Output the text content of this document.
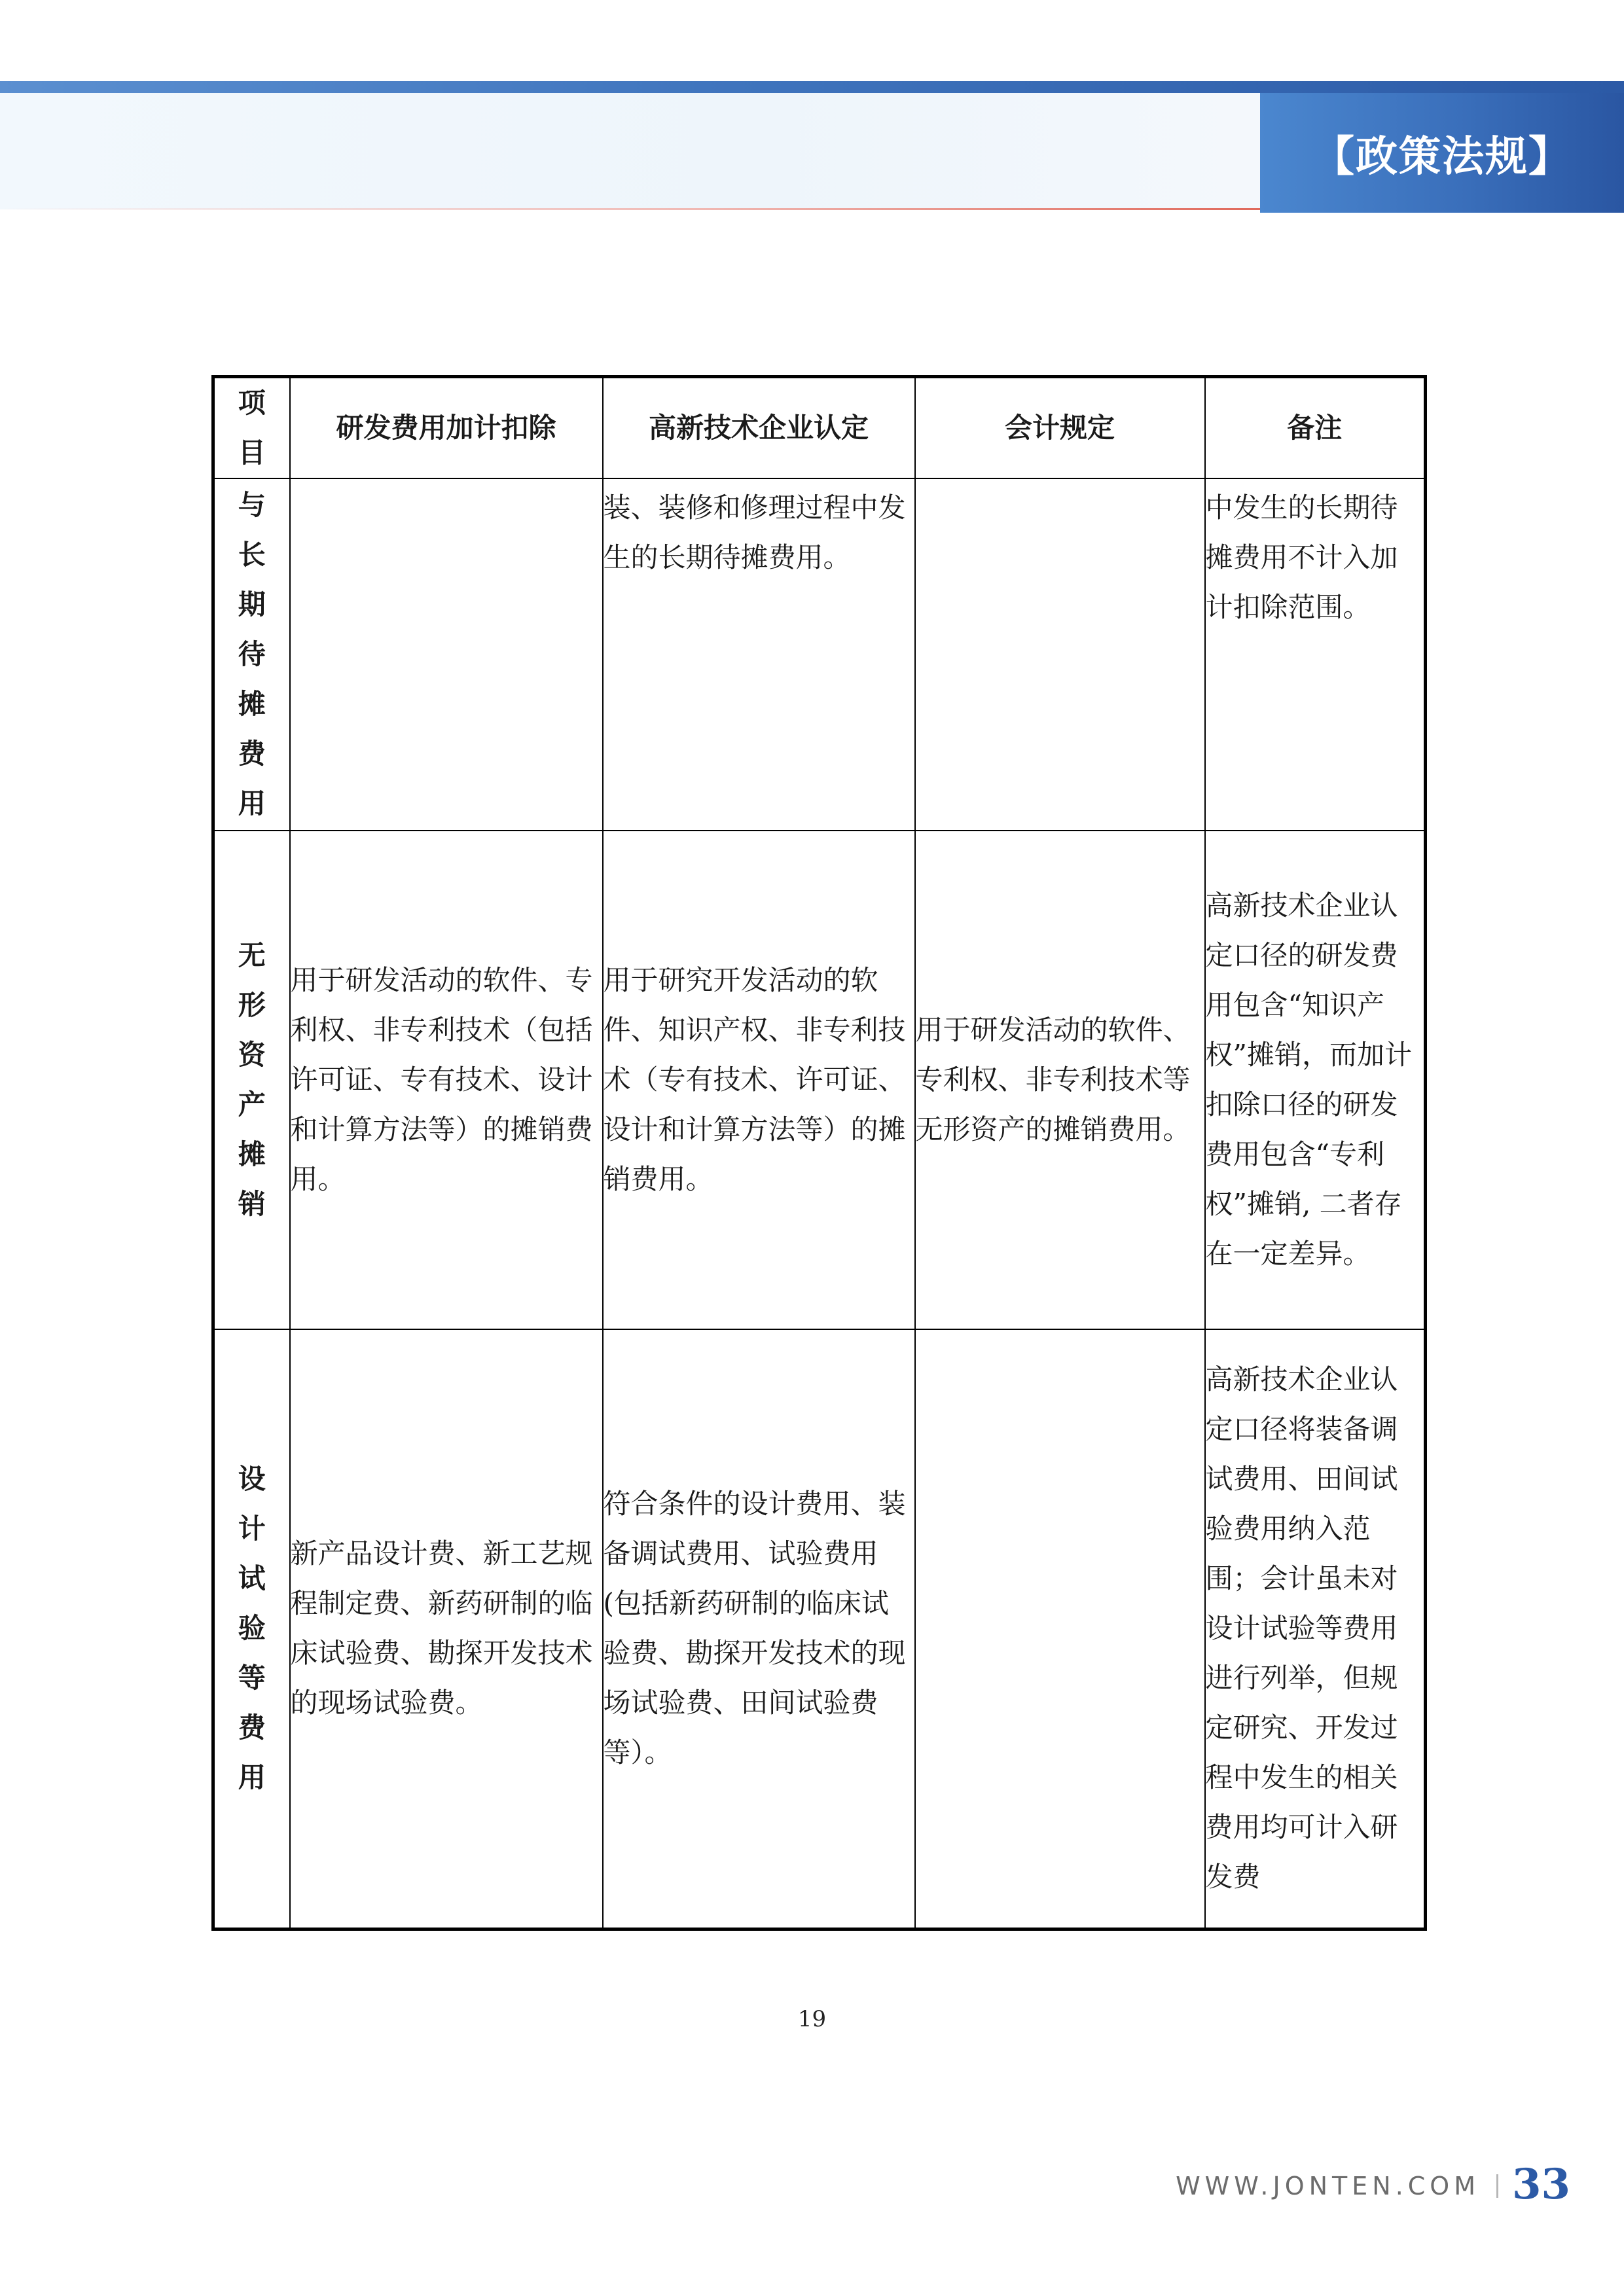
【政策法规】
项目	研发费用加计扣除	高新技术企业认定	会计规定	备注
与长期待摊费用		装、装修和修理过程中发生的长期待摊费用。		中发生的长期待摊费用不计入加计扣除范围。
无形资产摊销	用于研发活动的软件、专利权、非专利技术（包括许可证、专有技术、设计和计算方法等）的摊销费用。	用于研究开发活动的软件、知识产权、非专利技术（专有技术、许可证、设计和计算方法等）的摊销费用。	用于研发活动的软件、专利权、非专利技术等无形资产的摊销费用。	高新技术企业认定口径的研发费用包含“知识产权”摊销，而加计扣除口径的研发费用包含“专利权”摊销, 二者存在一定差异。
设计试验等费用	新产品设计费、新工艺规程制定费、新药研制的临床试验费、勘探开发技术的现场试验费。	符合条件的设计费用、装备调试费用、试验费用(包括新药研制的临床试验费、勘探开发技术的现场试验费、田间试验费等）。		高新技术企业认定口径将装备调试费用、田间试验费用纳入范围；会计虽未对设计试验等费用进行列举，但规定研究、开发过程中发生的相关费用均可计入研发费
19
WWW.JONTEN.COM 33
